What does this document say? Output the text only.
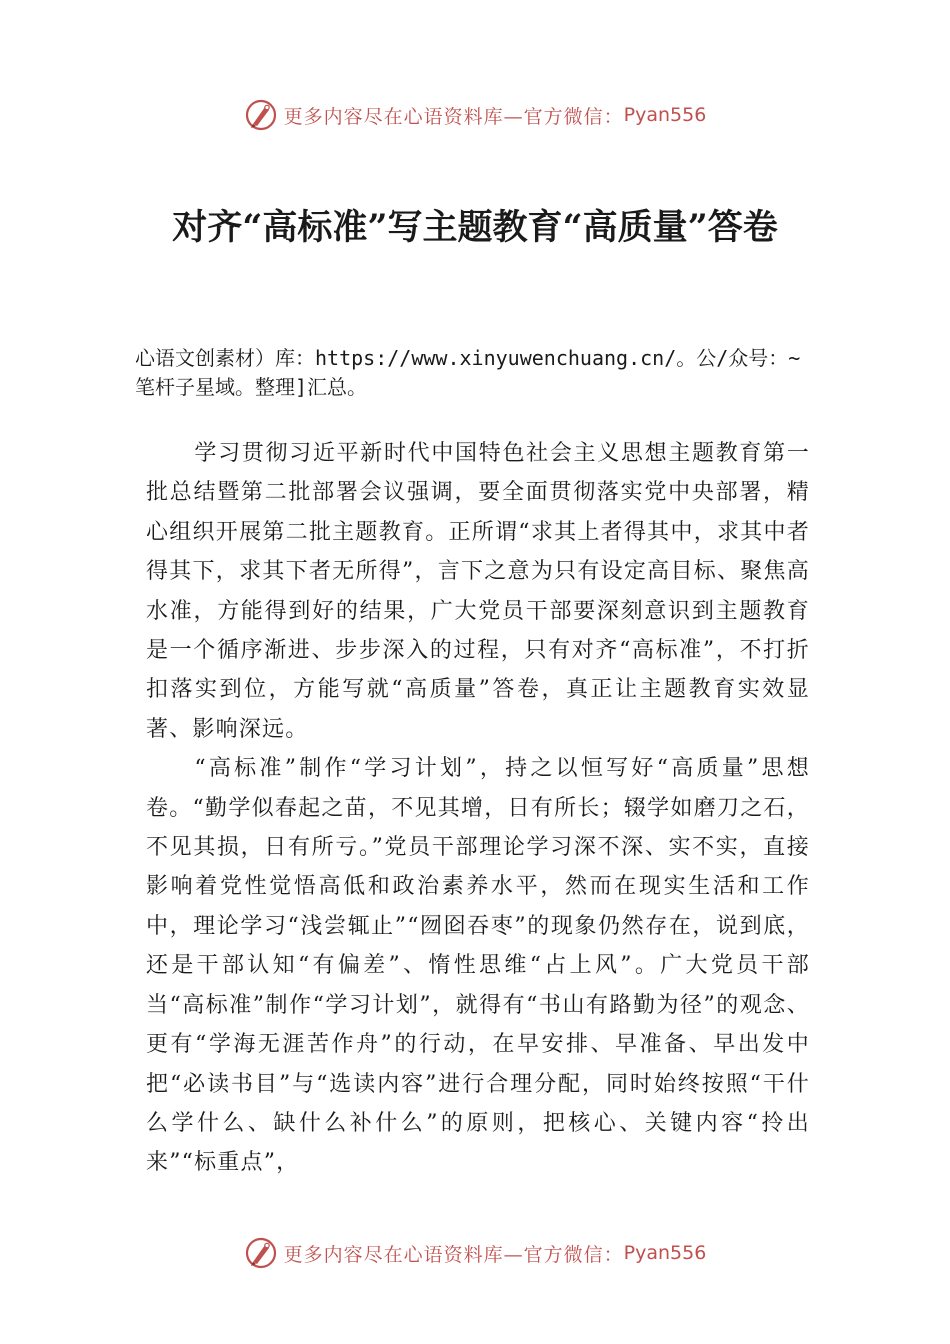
更多内容尽在心语资料库—官方微信： Pyan556
对齐“高标准”写主题教育“高质量”答卷
心语文创素材）库：https://www.xinyuwenchuang.cn/。公/众号：~笔杆子星域。整理]汇总。

学习贯彻习近平新时代中国特色社会主义思想主题教育第一批总结暨第二批部署会议强调，要全面贯彻落实党中央部署，精心组织开展第二批主题教育。正所谓“求其上者得其中，求其中者得其下，求其下者无所得”，言下之意为只有设定高目标、聚焦高水准，方能得到好的结果，广大党员干部要深刻意识到主题教育是一个循序渐进、步步深入的过程，只有对齐“高标准”，不打折扣落实到位，方能写就“高质量”答卷，真正让主题教育实效显著、影响深远。

“高标准”制作“学习计划”，持之以恒写好“高质量”思想卷。“勤学似春起之苗，不见其增，日有所长；辍学如磨刀之石，不见其损，日有所亏。”党员干部理论学习深不深、实不实，直接影响着党性觉悟高低和政治素养水平，然而在现实生活和工作中，理论学习“浅尝辄止”“囫囵吞枣”的现象仍然存在，说到底，还是干部认知“有偏差”、惰性思维“占上风”。广大党员干部当“高标准”制作“学习计划”，就得有“书山有路勤为径”的观念、更有“学海无涯苦作舟”的行动，在早安排、早准备、早出发中把“必读书目”与“选读内容”进行合理分配，同时始终按照“干什么学什么、缺什么补什么”的原则，把核心、关键内容“拎出来”“标重点”，

更多内容尽在心语资料库—官方微信： Pyan556
